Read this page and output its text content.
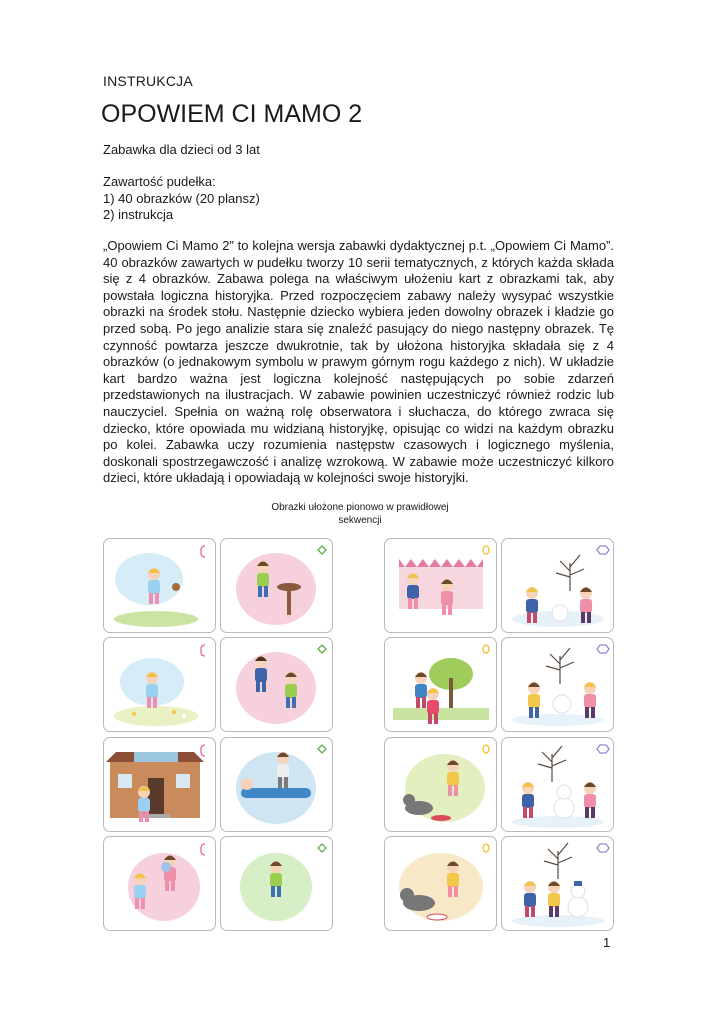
INSTRUKCJA
OPOWIEM CI MAMO 2
Zabawka dla dzieci od 3 lat
Zawartość pudełka:
1) 40 obrazków (20 plansz)
2) instrukcja

„Opowiem Ci Mamo 2” to kolejna wersja zabawki dydaktycznej p.t. „Opowiem Ci Mamo”. 40 obrazków zawartych w pudełku tworzy 10 serii tematycznych, z których każda składa się z 4 obrazków. Zabawa polega na właściwym ułożeniu kart z obrazkami tak, aby powstała logiczna historyjka. Przed rozpoczęciem zabawy należy wysypać wszystkie obrazki na środek stołu. Następnie dziecko wybiera jeden dowolny obrazek i kładzie go przed sobą. Po jego analizie stara się znaleźć pasujący do niego następny obrazek. Tę czynność powtarza jeszcze dwukrotnie, tak by ułożona historyjka składała się z 4 obrazków (o jednakowym symbolu w prawym górnym rogu każdego z nich). W układzie kart bardzo ważna jest logiczna kolejność następujących po sobie zdarzeń przedstawionych na ilustracjach. W zabawie powinien uczestniczyć również rodzic lub nauczyciel. Spełnia on ważną rolę obserwatora i słuchacza, do którego zwraca się dziecko, które opowiada mu widzianą historyjkę, opisując co widzi na każdym obrazku po kolei. Zabawka uczy rozumienia następstw czasowych i logicznego myślenia, doskonali spostrzegawczość i analizę wzrokową. W zabawie może uczestniczyć kilkoro dzieci, które układają i opowiadają w kolejności swoje historyjki.

Obrazki ułożone pionowo w prawidłowej sekwencji
1
